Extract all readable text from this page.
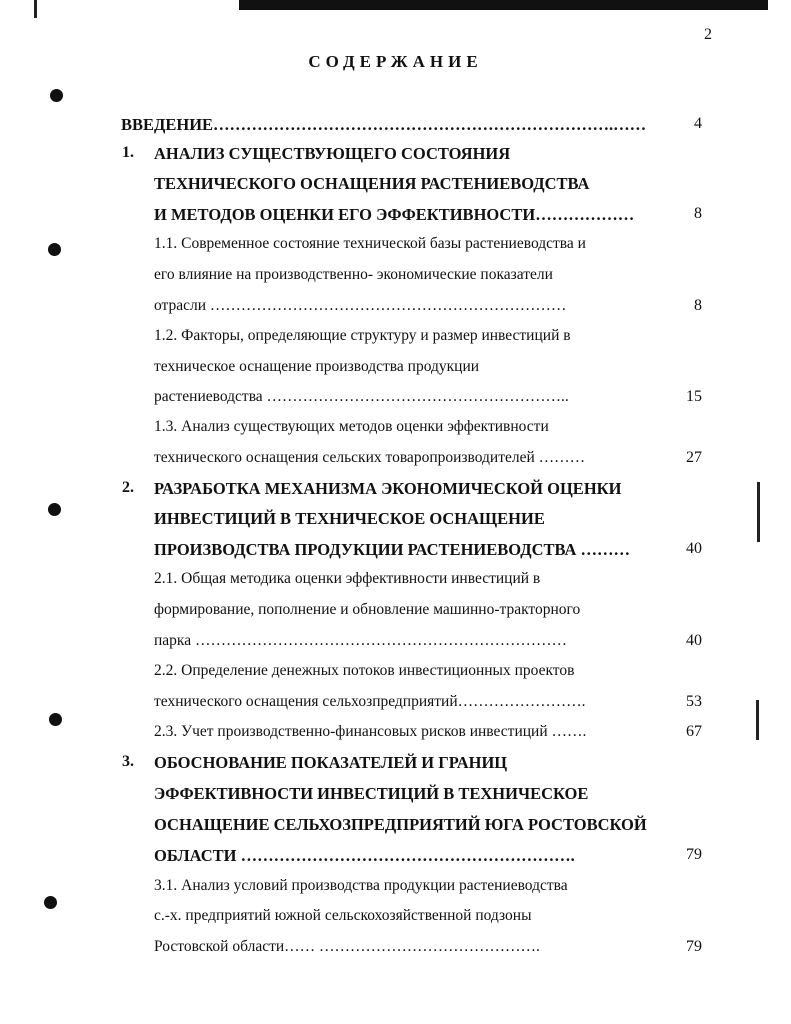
2
СОДЕРЖАНИЕ
ВВЕДЕНИЕ……………………………………………………………….……	4
1. АНАЛИЗ СУЩЕСТВУЮЩЕГО СОСТОЯНИЯ
ТЕХНИЧЕСКОГО ОСНАЩЕНИЯ РАСТЕНИЕВОДСТВА
И МЕТОДОВ ОЦЕНКИ ЕГО ЭФФЕКТИВНОСТИ………………	8
1.1. Современное состояние технической базы растениеводства и
его влияние на производственно- экономические показатели
отрасли ……………………………………………………………	8
1.2. Факторы, определяющие структуру и размер инвестиций в
техническое оснащение производства продукции
растениеводства …………………………………………………..	15
1.3. Анализ существующих методов оценки эффективности
технического оснащения сельских товаропроизводителей ………	27
2. РАЗРАБОТКА МЕХАНИЗМА ЭКОНОМИЧЕСКОЙ ОЦЕНКИ
ИНВЕСТИЦИЙ В ТЕХНИЧЕСКОЕ ОСНАЩЕНИЕ
ПРОИЗВОДСТВА ПРОДУКЦИИ РАСТЕНИЕВОДСТВА ………	40
2.1. Общая методика оценки эффективности инвестиций в
формирование, пополнение и обновление машинно-тракторного
парка ………………………………………………………………	40
2.2. Определение денежных потоков инвестиционных проектов
технического оснащения сельхозпредприятий…………………….	53
2.3. Учет производственно-финансовых рисков инвестиций …….	67
3. ОБОСНОВАНИЕ ПОКАЗАТЕЛЕЙ И ГРАНИЦ
ЭФФЕКТИВНОСТИ ИНВЕСТИЦИЙ В ТЕХНИЧЕСКОЕ
ОСНАЩЕНИЕ СЕЛЬХОЗПРЕДПРИЯТИЙ ЮГА РОСТОВСКОЙ
ОБЛАСТИ …………………………………………………….	79
3.1. Анализ условий производства продукции растениеводства
с.-х. предприятий южной сельскохозяйственной подзоны
Ростовской области…… …………………………………….	79
